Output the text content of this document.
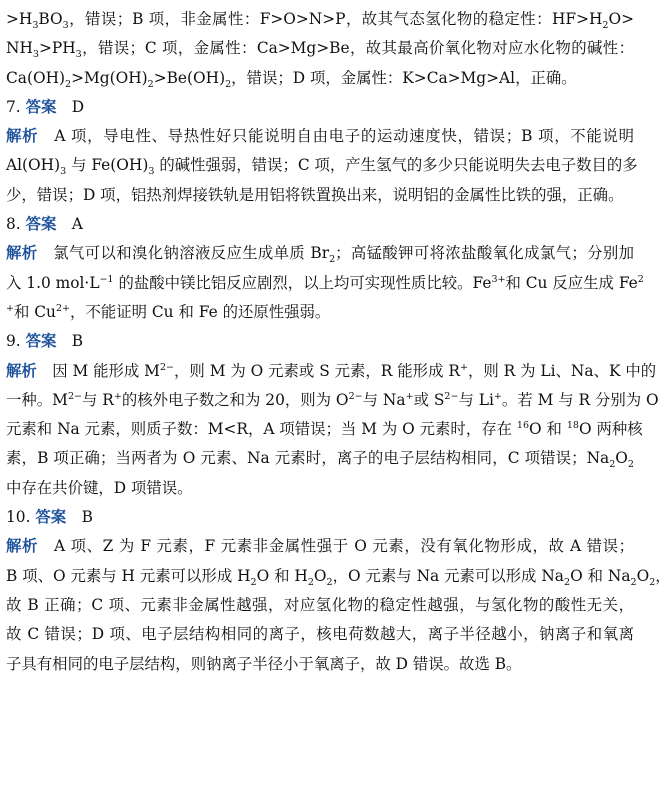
$>H_3BO_3$，错误；B 项，非金属性：F>O>N>P，故其气态氢化物的稳定性：$HF>H_2O>$
$NH_3>PH_3$，错误；C 项，金属性：Ca>Mg>Be，故其最高价氧化物对应水化物的碱性：
$Ca(OH)_2>Mg(OH)_2>Be(OH)_2$，错误；D 项，金属性：K>Ca>Mg>Al，正确。
7. 答案　D
解析　A 项，导电性、导热性好只能说明自由电子的运动速度快，错误；B 项，不能说明
$Al(OH)_3$ 与 $Fe(OH)_3$ 的碱性强弱，错误；C 项，产生氢气的多少只能说明失去电子数目的多
少，错误；D 项，铝热剂焊接铁轨是用铝将铁置换出来，说明铝的金属性比铁的强，正确。
8. 答案　A
解析　氯气可以和溴化钠溶液反应生成单质 $Br_2$；高锰酸钾可将浓盐酸氧化成氯气；分别加
入 1.0 $mol\cdot L^{-1}$ 的盐酸中镁比铝反应剧烈，以上均可实现性质比较。$Fe^{3+}$和 Cu 反应生成 Fe$^2$
+和 $Cu^{2+}$，不能证明 Cu 和 Fe 的还原性强弱。
9. 答案　B
解析　因 M 能形成 $M^{2-}$，则 M 为 O 元素或 S 元素，R 能形成 R+，则 R 为 Li、Na、K 中的
一种。$M^{2-}$与 R+的核外电子数之和为 20，则为 $O^{2-}$与 Na+或 $S^{2-}$与 Li+。若 M 与 R 分别为 O
元素和 Na 元素，则质子数：M<R，A 项错误；当 M 为 O 元素时，存在 $^{16}$O 和 $^{18}$O 两种核
素，B 项正确；当两者为 O 元素、Na 元素时，离子的电子层结构相同，C 项错误；$Na_2O_2$
中存在共价键，D 项错误。
10. 答案　B
解析　A 项、Z 为 F 元素，F 元素非金属性强于 O 元素，没有氧化物形成，故 A 错误；
B 项、O 元素与 H 元素可以形成 $H_2O$ 和 $H_2O_2$，O 元素与 Na 元素可以形成 $Na_2O$ 和 $Na_2O_2$，
故 B 正确；C 项、元素非金属性越强，对应氢化物的稳定性越强，与氢化物的酸性无关，
故 C 错误；D 项、电子层结构相同的离子，核电荷数越大，离子半径越小，钠离子和氧离
子具有相同的电子层结构，则钠离子半径小于氧离子，故 D 错误。故选 B。
